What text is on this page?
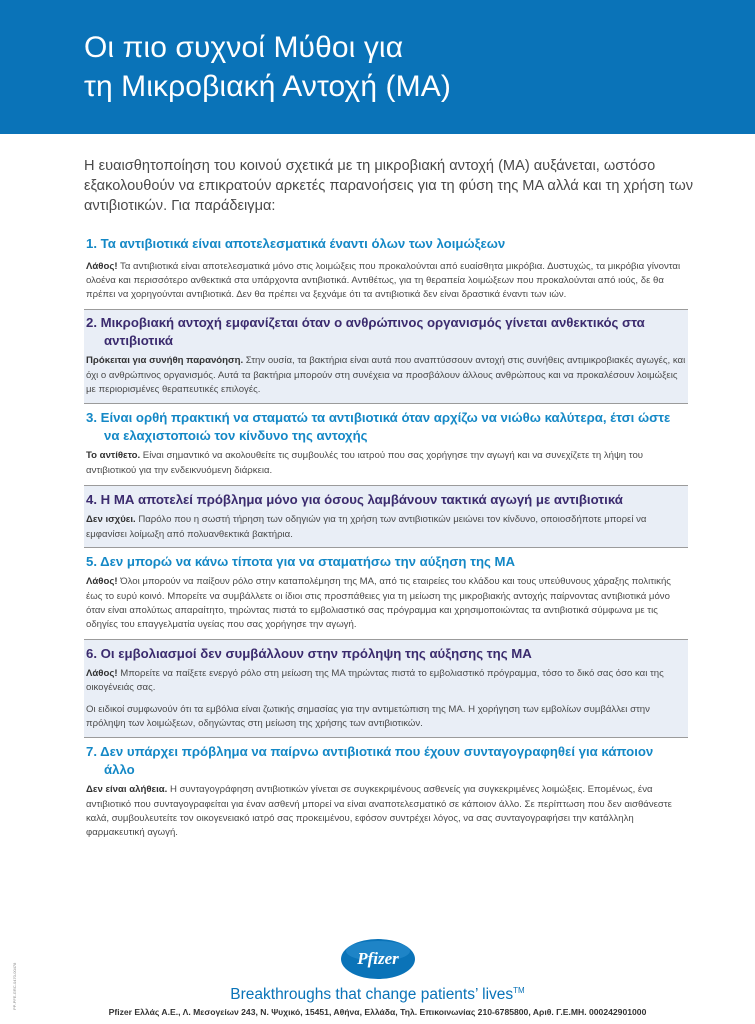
Οι πιο συχνοί Μύθοι για
τη Μικροβιακή Αντοχή (ΜΑ)

Η ευαισθητοποίηση του κοινού σχετικά με τη μικροβιακή αντοχή (ΜΑ) αυξάνεται, ωστόσο εξακολουθούν να επικρατούν αρκετές παρανοήσεις για τη φύση της ΜΑ αλλά και τη χρήση των αντιβιοτικών. Για παράδειγμα:

1. Τα αντιβιοτικά είναι αποτελεσματικά έναντι όλων των λοιμώξεων
Λάθος! Τα αντιβιοτικά είναι αποτελεσματικά μόνο στις λοιμώξεις που προκαλούνται από ευαίσθητα μικρόβια. Δυστυχώς, τα μικρόβια γίνονται ολοένα και περισσότερο ανθεκτικά στα υπάρχοντα αντιβιοτικά. Αντιθέτως, για τη θεραπεία λοιμώξεων που προκαλούνται από ιούς, δε θα πρέπει να χορηγούνται αντιβιοτικά. Δεν θα πρέπει να ξεχνάμε ότι τα αντιβιοτικά δεν είναι δραστικά έναντι των ιών.
2. Μικροβιακή αντοχή εμφανίζεται όταν ο ανθρώπινος οργανισμός γίνεται ανθεκτικός στα αντιβιοτικά
Πρόκειται για συνήθη παρανόηση. Στην ουσία, τα βακτήρια είναι αυτά που αναπτύσσουν αντοχή στις συνήθεις αντιμικροβιακές αγωγές, και όχι ο ανθρώπινος οργανισμός. Αυτά τα βακτήρια μπορούν στη συνέχεια να προσβάλουν άλλους ανθρώπους και να προκαλέσουν λοιμώξεις με περιορισμένες θεραπευτικές επιλογές.
3. Είναι ορθή πρακτική να σταματώ τα αντιβιοτικά όταν αρχίζω να νιώθω καλύτερα, έτσι ώστε να ελαχιστοποιώ τον κίνδυνο της αντοχής
Το αντίθετο. Είναι σημαντικό να ακολουθείτε τις συμβουλές του ιατρού που σας χορήγησε την αγωγή και να συνεχίζετε τη λήψη του αντιβιοτικού για την ενδεικνυόμενη διάρκεια.
4. Η ΜΑ αποτελεί πρόβλημα μόνο για όσους λαμβάνουν τακτικά αγωγή με αντιβιοτικά
Δεν ισχύει. Παρόλο που η σωστή τήρηση των οδηγιών για τη χρήση των αντιβιοτικών μειώνει τον κίνδυνο, οποιοσδήποτε μπορεί να εμφανίσει λοίμωξη από πολυανθεκτικά βακτήρια.
5. Δεν μπορώ να κάνω τίποτα για να σταματήσω την αύξηση της ΜΑ
Λάθος! Όλοι μπορούν να παίξουν ρόλο στην καταπολέμηση της ΜΑ, από τις εταιρείες του κλάδου και τους υπεύθυνους χάραξης πολιτικής έως το ευρύ κοινό. Μπορείτε να συμβάλλετε οι ίδιοι στις προσπάθειες για τη μείωση της μικροβιακής αντοχής παίρνοντας αντιβιοτικά μόνο όταν είναι απολύτως απαραίτητο, τηρώντας πιστά το εμβολιαστικό σας πρόγραμμα και χρησιμοποιώντας τα αντιβιοτικά σύμφωνα με τις οδηγίες του επαγγελματία υγείας που σας χορήγησε την αγωγή.
6. Οι εμβολιασμοί δεν συμβάλλουν στην πρόληψη της αύξησης της ΜΑ
Λάθος! Μπορείτε να παίξετε ενεργό ρόλο στη μείωση της ΜΑ τηρώντας πιστά το εμβολιαστικό πρόγραμμα, τόσο το δικό σας όσο και της οικογένειάς σας.
Οι ειδικοί συμφωνούν ότι τα εμβόλια είναι ζωτικής σημασίας για την αντιμετώπιση της ΜΑ. Η χορήγηση των εμβολίων συμβάλλει στην πρόληψη των λοιμώξεων, οδηγώντας στη μείωση της χρήσης των αντιβιοτικών.
7. Δεν υπάρχει πρόβλημα να παίρνω αντιβιοτικά που έχουν συνταγογραφηθεί για κάποιον άλλο
Δεν είναι αλήθεια. Η συνταγογράφηση αντιβιοτικών γίνεται σε συγκεκριμένους ασθενείς για συγκεκριμένες λοιμώξεις. Επομένως, ένα αντιβιοτικό που συνταγογραφείται για έναν ασθενή μπορεί να είναι αναποτελεσματικό σε κάποιον άλλο. Σε περίπτωση που δεν αισθάνεστε καλά, συμβουλευτείτε τον οικογενειακό ιατρό σας προκειμένου, εφόσον συντρέχει λόγος, να σας συνταγογραφήσει την κατάλληλη φαρμακευτική αγωγή.
Pfizer
Breakthroughs that change patients’ lives™
Pfizer Ελλάς Α.Ε., Λ. Μεσογείων 243, Ν. Ψυχικό, 15451, Αθήνα, Ελλάδα, Τηλ. Επικοινωνίας 210-6785800, Αριθ. Γ.Ε.ΜΗ. 000242901000
PP-PFE-GRC-0470-00478
